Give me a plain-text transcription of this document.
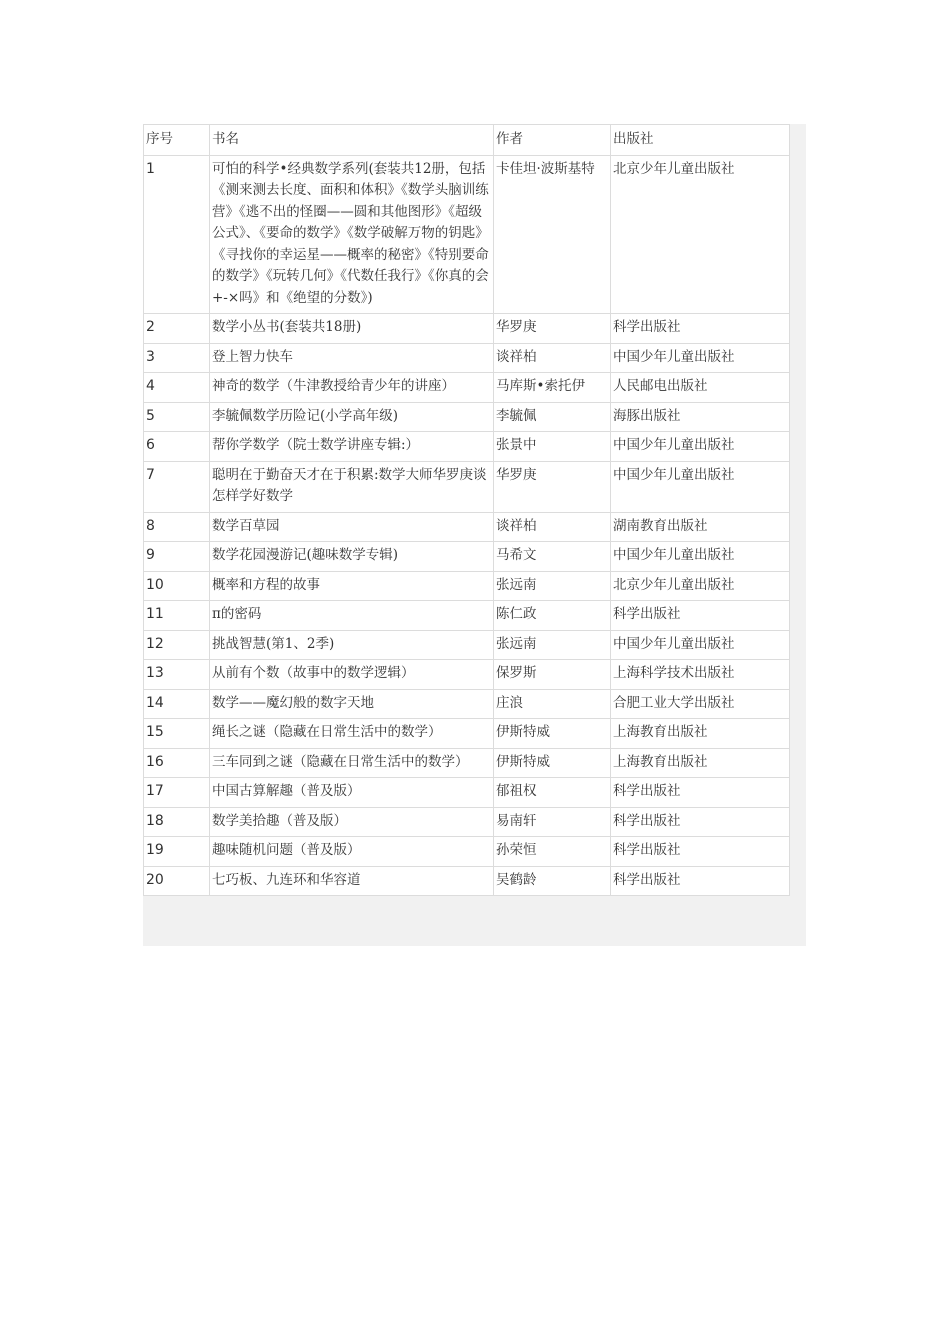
序号	书名	作者	出版社
1	可怕的科学•经典数学系列(套装共12册，包括《测来测去长度、面积和体积》《数学头脑训练营》《逃不出的怪圈——圆和其他图形》《超级公式》、《要命的数学》《数学破解万物的钥匙》《寻找你的幸运星——概率的秘密》《特别要命的数学》《玩转几何》《代数任我行》《你真的会+-×吗》和《绝望的分数》)	卡佳坦·波斯基特	北京少年儿童出版社
2	数学小丛书(套装共18册)	华罗庚	科学出版社
3	登上智力快车	谈祥柏	中国少年儿童出版社
4	神奇的数学（牛津教授给青少年的讲座）	马库斯•索托伊	人民邮电出版社
5	李毓佩数学历险记(小学高年级)	李毓佩	海豚出版社
6	帮你学数学（院士数学讲座专辑:）	张景中	中国少年儿童出版社
7	聪明在于勤奋天才在于积累:数学大师华罗庚谈怎样学好数学	华罗庚	中国少年儿童出版社
8	数学百草园	谈祥柏	湖南教育出版社
9	数学花园漫游记(趣味数学专辑)	马希文	中国少年儿童出版社
10	概率和方程的故事	张远南	北京少年儿童出版社
11	π的密码	陈仁政	科学出版社
12	挑战智慧(第1、2季)	张远南	中国少年儿童出版社
13	从前有个数（故事中的数学逻辑）	保罗斯	上海科学技术出版社
14	数学——魔幻般的数字天地	庄浪	合肥工业大学出版社
15	绳长之谜（隐藏在日常生活中的数学）	伊斯特威	上海教育出版社
16	三车同到之谜（隐藏在日常生活中的数学）	伊斯特威	上海教育出版社
17	中国古算解趣（普及版）	郁祖权	科学出版社
18	数学美拾趣（普及版）	易南轩	科学出版社
19	趣味随机问题（普及版）	孙荣恒	科学出版社
20	七巧板、九连环和华容道	吴鹤龄	科学出版社
